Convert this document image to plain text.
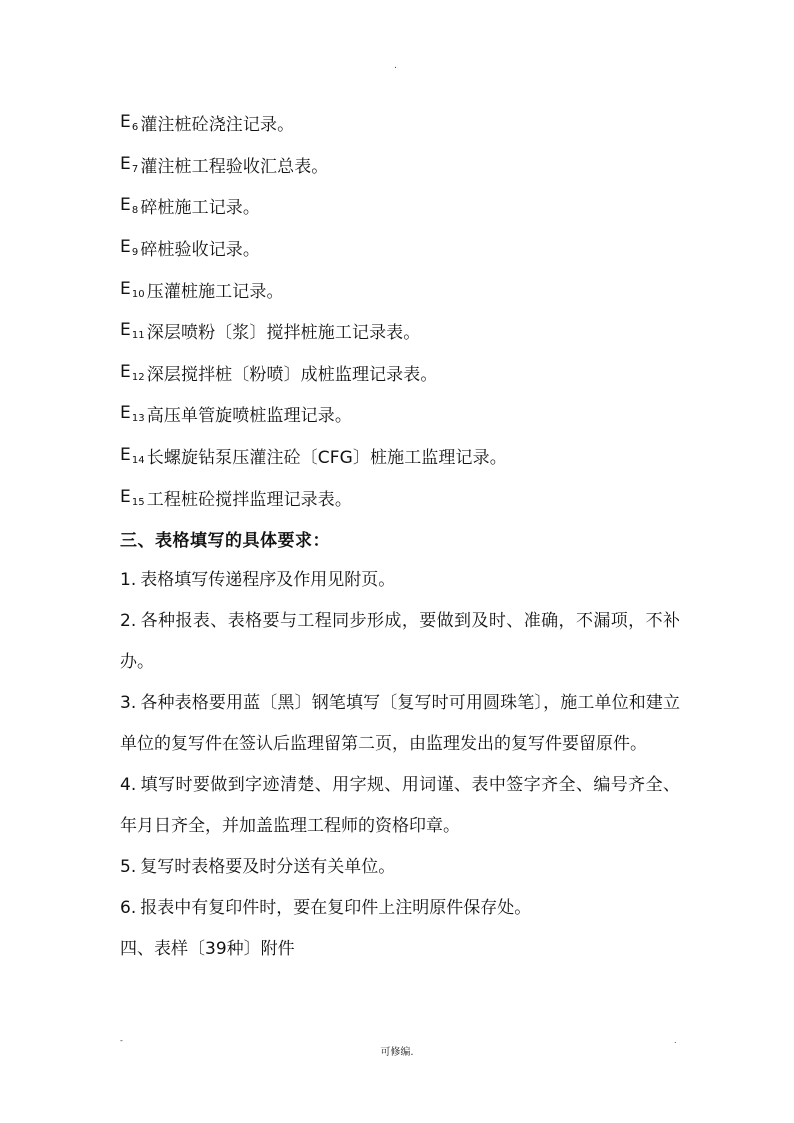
.
$E_6$ 灌注桩砼浇注记录。
$E_7$ 灌注桩工程验收汇总表。
$E_8$ 碎桩施工记录。
$E_9$ 碎桩验收记录。
$E_{10}$ 压灌桩施工记录。
$E_{11}$ 深层喷粉〔浆〕搅拌桩施工记录表。
$E_{12}$ 深层搅拌桩〔粉喷〕成桩监理记录表。
$E_{13}$ 高压单管旋喷桩监理记录。
$E_{14}$ 长螺旋钻泵压灌注砼〔CFG〕桩施工监理记录。
$E_{15}$ 工程桩砼搅拌监理记录表。
三、表格填写的具体要求：

1. 表格填写传递程序及作用见附页。

2. 各种报表、表格要与工程同步形成，要做到及时、准确，不漏项，不补办。

3. 各种表格要用蓝〔黑〕钢笔填写〔复写时可用圆珠笔〕，施工单位和建立单位的复写件在签认后监理留第二页，由监理发出的复写件要留原件。

4. 填写时要做到字迹清楚、用字规、用词谨、表中签字齐全、编号齐全、年月日齐全，并加盖监理工程师的资格印章。

5. 复写时表格要及时分送有关单位。

6. 报表中有复印件时，要在复印件上注明原件保存处。

四、表样〔39种〕附件

-
可修编.
.
